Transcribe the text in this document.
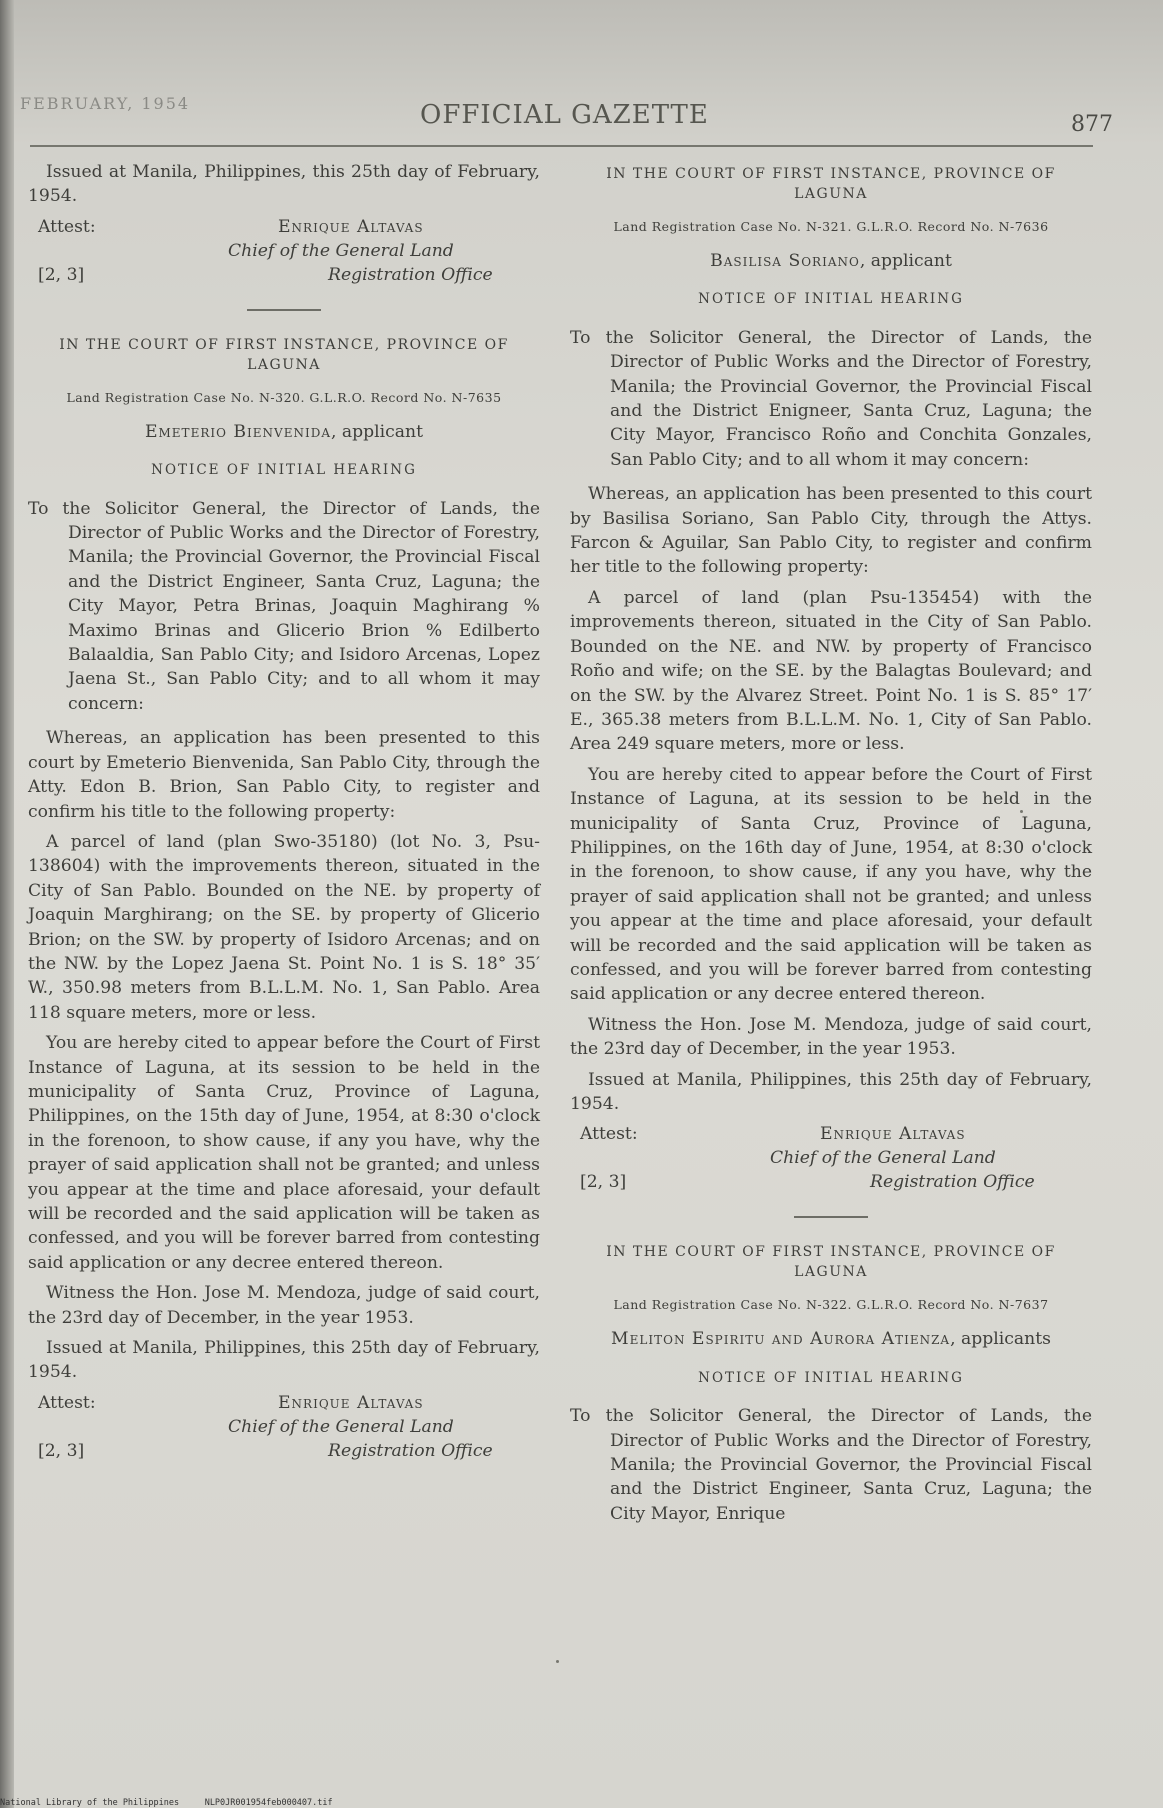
FEBRUARY, 1954	OFFICIAL GAZETTE	877

Issued at Manila, Philippines, this 25th day of February, 1954.

Attest:	Enrique Altavas
Chief of the General Land
[2, 3]	Registration Office
IN THE COURT OF FIRST INSTANCE, PROVINCE OF LAGUNA
Land Registration Case No. N-320. G.L.R.O. Record No. N-7635
Emeterio Bienvenida, applicant
NOTICE OF INITIAL HEARING

To the Solicitor General, the Director of Lands, the Director of Public Works and the Director of Forestry, Manila; the Provincial Governor, the Provincial Fiscal and the District Engineer, Santa Cruz, Laguna; the City Mayor, Petra Brinas, Joaquin Maghirang % Maximo Brinas and Glicerio Brion % Edilberto Balaaldia, San Pablo City; and Isidoro Arcenas, Lopez Jaena St., San Pablo City; and to all whom it may concern:

Whereas, an application has been presented to this court by Emeterio Bienvenida, San Pablo City, through the Atty. Edon B. Brion, San Pablo City, to register and confirm his title to the following property:

A parcel of land (plan Swo-35180) (lot No. 3, Psu-138604) with the improvements thereon, situated in the City of San Pablo. Bounded on the NE. by property of Joaquin Marghirang; on the SE. by property of Glicerio Brion; on the SW. by property of Isidoro Arcenas; and on the NW. by the Lopez Jaena St. Point No. 1 is S. 18° 35′ W., 350.98 meters from B.L.L.M. No. 1, San Pablo. Area 118 square meters, more or less.

You are hereby cited to appear before the Court of First Instance of Laguna, at its session to be held in the municipality of Santa Cruz, Province of Laguna, Philippines, on the 15th day of June, 1954, at 8:30 o'clock in the forenoon, to show cause, if any you have, why the prayer of said application shall not be granted; and unless you appear at the time and place aforesaid, your default will be recorded and the said application will be taken as confessed, and you will be forever barred from contesting said application or any decree entered thereon.

Witness the Hon. Jose M. Mendoza, judge of said court, the 23rd day of December, in the year 1953.

Issued at Manila, Philippines, this 25th day of February, 1954.

Attest:	Enrique Altavas
Chief of the General Land
[2, 3]	Registration Office
IN THE COURT OF FIRST INSTANCE, PROVINCE OF LAGUNA
Land Registration Case No. N-321. G.L.R.O. Record No. N-7636
Basilisa Soriano, applicant
NOTICE OF INITIAL HEARING

To the Solicitor General, the Director of Lands, the Director of Public Works and the Director of Forestry, Manila; the Provincial Governor, the Provincial Fiscal and the District Enigneer, Santa Cruz, Laguna; the City Mayor, Francisco Roño and Conchita Gonzales, San Pablo City; and to all whom it may concern:

Whereas, an application has been presented to this court by Basilisa Soriano, San Pablo City, through the Attys. Farcon & Aguilar, San Pablo City, to register and confirm her title to the following property:

A parcel of land (plan Psu-135454) with the improvements thereon, situated in the City of San Pablo. Bounded on the NE. and NW. by property of Francisco Roño and wife; on the SE. by the Balagtas Boulevard; and on the SW. by the Alvarez Street. Point No. 1 is S. 85° 17′ E., 365.38 meters from B.L.L.M. No. 1, City of San Pablo. Area 249 square meters, more or less.

You are hereby cited to appear before the Court of First Instance of Laguna, at its session to be held in the municipality of Santa Cruz, Province of Laguna, Philippines, on the 16th day of June, 1954, at 8:30 o'clock in the forenoon, to show cause, if any you have, why the prayer of said application shall not be granted; and unless you appear at the time and place aforesaid, your default will be recorded and the said application will be taken as confessed, and you will be forever barred from contesting said application or any decree entered thereon.

Witness the Hon. Jose M. Mendoza, judge of said court, the 23rd day of December, in the year 1953.

Issued at Manila, Philippines, this 25th day of February, 1954.

Attest:	Enrique Altavas
Chief of the General Land
[2, 3]	Registration Office
IN THE COURT OF FIRST INSTANCE, PROVINCE OF LAGUNA
Land Registration Case No. N-322. G.L.R.O. Record No. N-7637
Meliton Espiritu and Aurora Atienza, applicants
NOTICE OF INITIAL HEARING

To the Solicitor General, the Director of Lands, the Director of Public Works and the Director of Forestry, Manila; the Provincial Governor, the Provincial Fiscal and the District Engineer, Santa Cruz, Laguna; the City Mayor, Enrique

National Library of the Philippines     NLP0JR001954feb000407.tif
